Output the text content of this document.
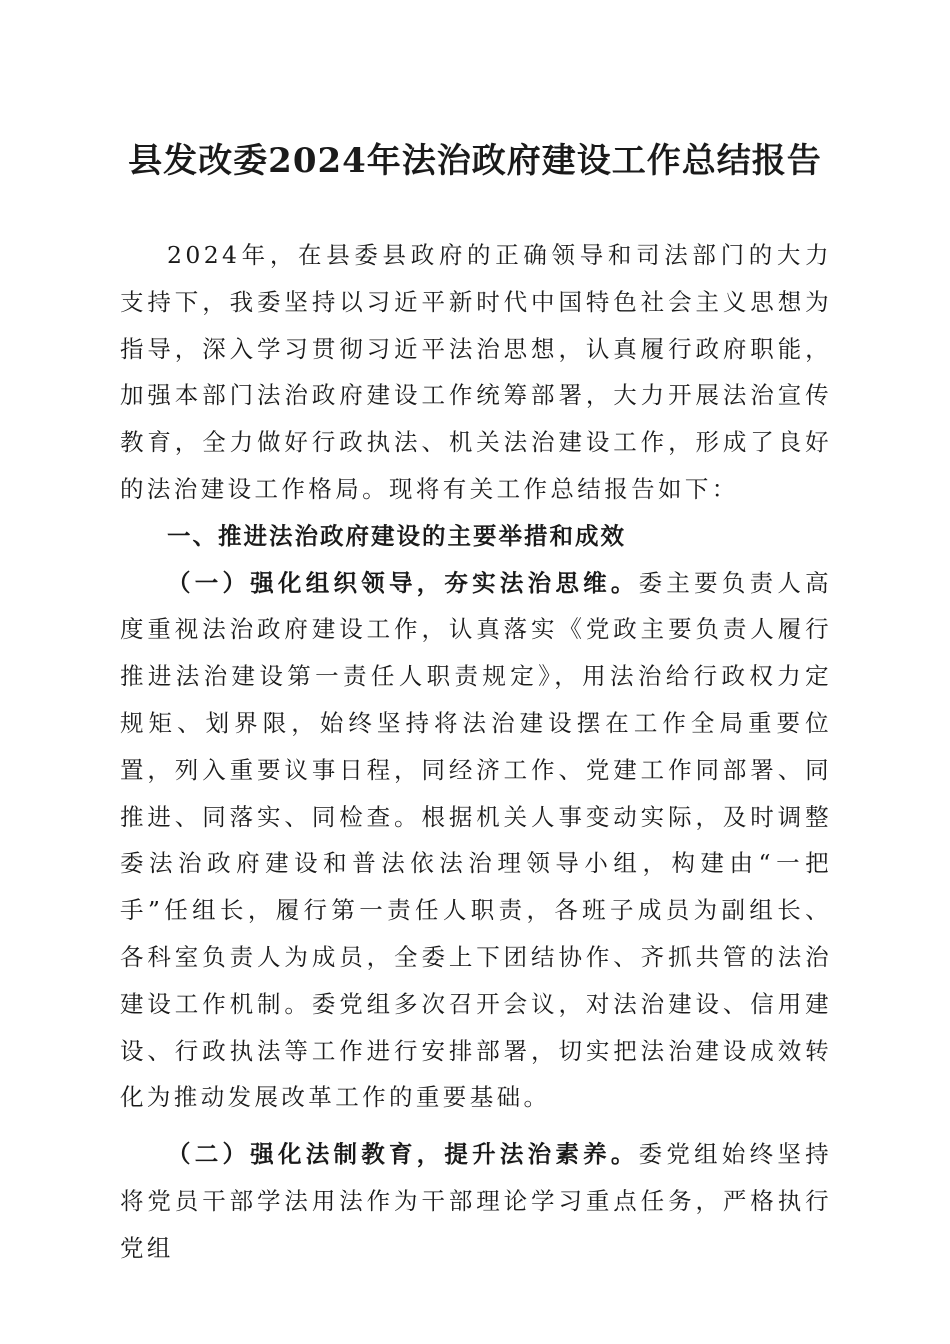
县发改委2024年法治政府建设工作总结报告

2024年，在县委县政府的正确领导和司法部门的大力支持下，我委坚持以习近平新时代中国特色社会主义思想为指导，深入学习贯彻习近平法治思想，认真履行政府职能，加强本部门法治政府建设工作统筹部署，大力开展法治宣传教育，全力做好行政执法、机关法治建设工作，形成了良好的法治建设工作格局。现将有关工作总结报告如下：

一、推进法治政府建设的主要举措和成效

（一）强化组织领导，夯实法治思维。委主要负责人高度重视法治政府建设工作，认真落实《党政主要负责人履行推进法治建设第一责任人职责规定》，用法治给行政权力定规矩、划界限，始终坚持将法治建设摆在工作全局重要位置，列入重要议事日程，同经济工作、党建工作同部署、同推进、同落实、同检查。根据机关人事变动实际，及时调整委法治政府建设和普法依法治理领导小组，构建由“一把手”任组长，履行第一责任人职责，各班子成员为副组长、各科室负责人为成员，全委上下团结协作、齐抓共管的法治建设工作机制。委党组多次召开会议，对法治建设、信用建设、行政执法等工作进行安排部署，切实把法治建设成效转化为推动发展改革工作的重要基础。

（二）强化法制教育，提升法治素养。委党组始终坚持将党员干部学法用法作为干部理论学习重点任务，严格执行党组
